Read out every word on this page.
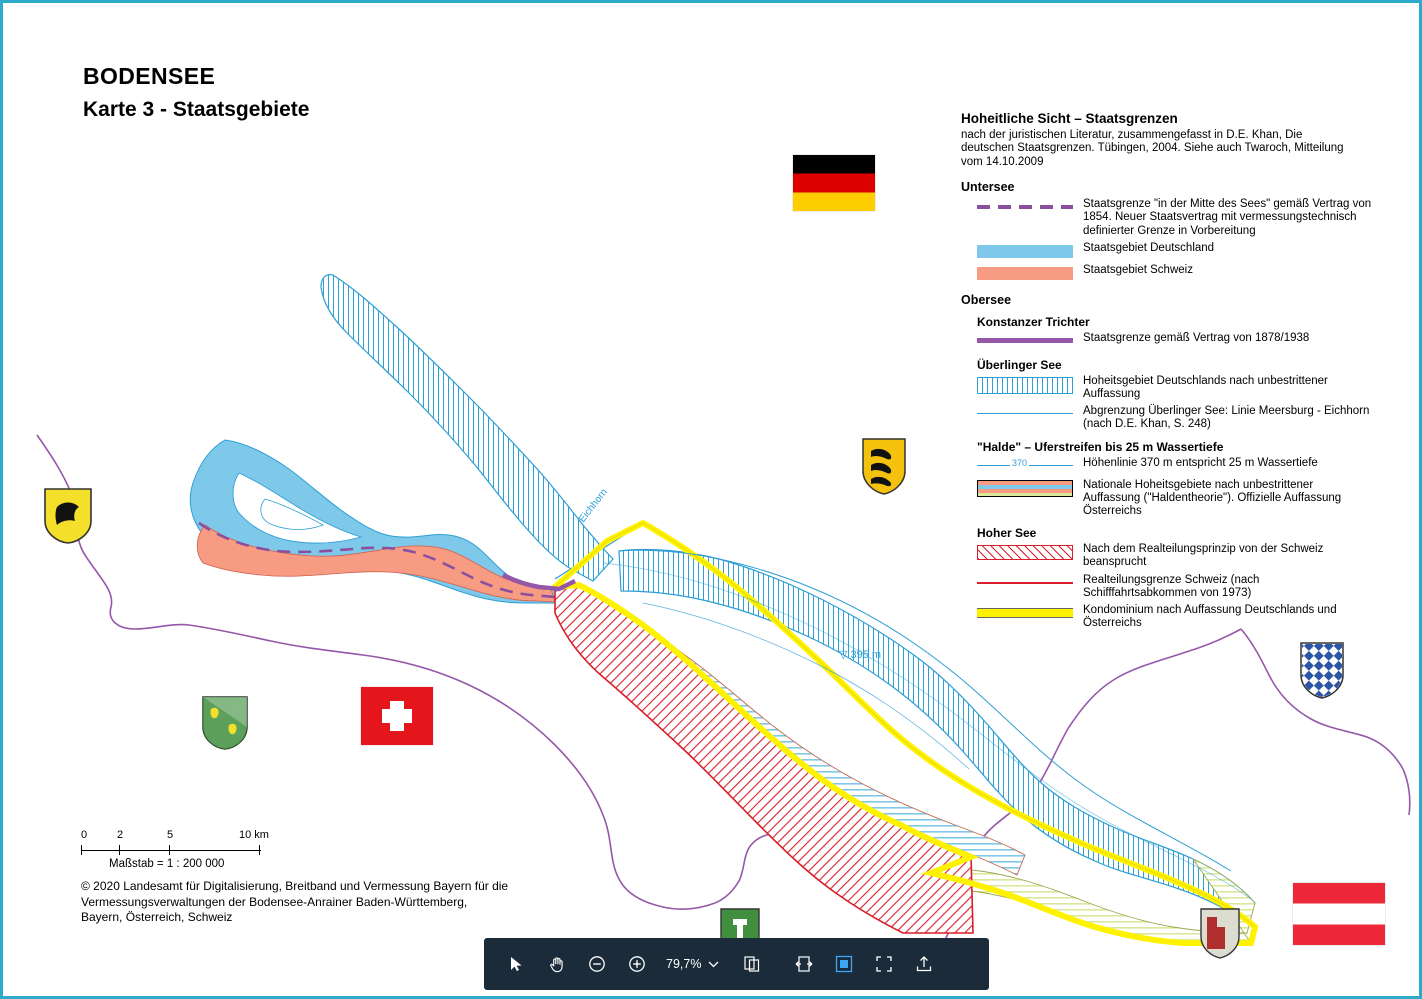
BODENSEE
Karte 3 - Staatsgebiete
Eichhorn
▽ 395 m
Hoheitliche Sicht – Staatsgrenzen
nach der juristischen Literatur, zusammengefasst in D.E. Khan, Die deutschen Staatsgrenzen. Tübingen, 2004. Siehe auch Twaroch, Mitteilung vom 14.10.2009
Untersee
Staatsgrenze "in der Mitte des Sees" gemäß Vertrag von 1854. Neuer Staatsvertrag mit vermessungstechnisch definierter Grenze in Vorbereitung
Staatsgebiet Deutschland
Staatsgebiet Schweiz
Obersee
Konstanzer Trichter
Staatsgrenze gemäß Vertrag von 1878/1938
Überlinger See
Hoheitsgebiet Deutschlands nach unbestrittener Auffassung
Abgrenzung Überlinger See: Linie Meersburg - Eichhorn (nach D.E. Khan, S. 248)
"Halde" – Uferstreifen bis 25 m Wassertiefe
370	Höhenlinie 370 m entspricht 25 m Wassertiefe
Nationale Hoheitsgebiete nach unbestrittener Auffassung ("Haldentheorie"). Offizielle Auffassung Österreichs
Hoher See
Nach dem Realteilungsprinzip von der Schweiz beansprucht
Realteilungsgrenze Schweiz (nach Schifffahrtsabkommen von 1973)
Kondominium nach Auffassung Deutschlands und Österreichs
0	2	5	10 km
Maßstab = 1 : 200 000
© 2020 Landesamt für Digitalisierung, Breitband und Vermessung Bayern für die Vermessungsverwaltungen der Bodensee-Anrainer Baden-Württemberg, Bayern, Österreich, Schweiz
79,7%
